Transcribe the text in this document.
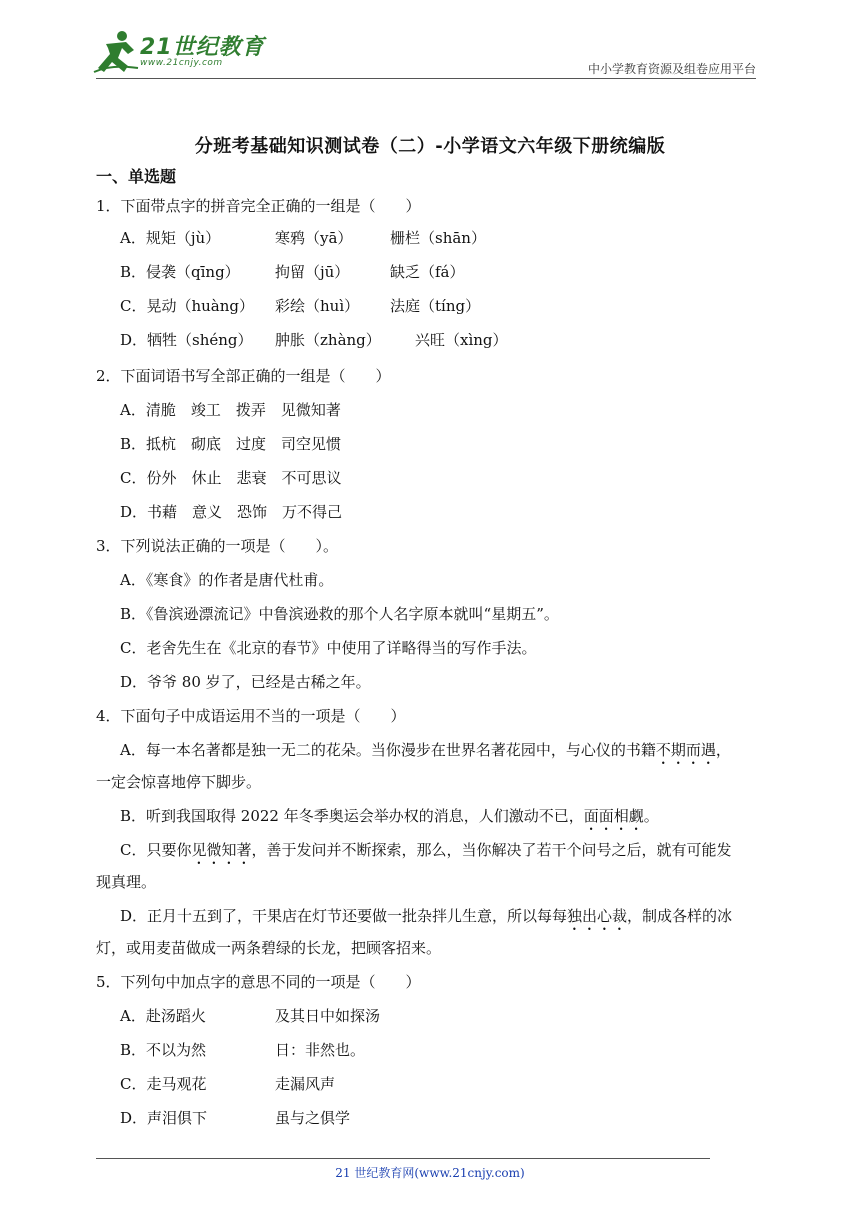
21世纪教育
www.21cnjy.com	中小学教育资源及组卷应用平台
分班考基础知识测试卷（二）-小学语文六年级下册统编版
一、单选题
1．下面带点字的拼音完全正确的一组是（　　）
A．规矩（jù）	寒鸦（yā）	栅栏（shān）
B．侵袭（qīng） 拘留（jū）	缺乏（fá）
C．晃动（huàng） 彩绘（huì） 法庭（tíng）
D．牺牲（shéng） 肿胀（zhàng） 兴旺（xìng）
2．下面词语书写全部正确的一组是（　　）
A．清脆　竣工　拨弄　见微知著
B．抵杭　砌底　过度　司空见惯
C．份外　休止　悲衰　不可思议
D．书藉　意义　恐饰　万不得己
3．下列说法正确的一项是（　　）。
A．《寒食》的作者是唐代杜甫。
B．《鲁滨逊漂流记》中鲁滨逊救的那个人名字原本就叫“星期五”。
C．老舍先生在《北京的春节》中使用了详略得当的写作手法。
D．爷爷 80 岁了，已经是古稀之年。
4．下面句子中成语运用不当的一项是（　　）
A．每一本名著都是独一无二的花朵。当你漫步在世界名著花园中，与心仪的书籍不期而遇，
一定会惊喜地停下脚步。
B．听到我国取得 2022 年冬季奥运会举办权的消息，人们激动不已，面面相觑。
C．只要你见微知著，善于发问并不断探索，那么，当你解决了若干个问号之后，就有可能发
现真理。
D．正月十五到了，干果店在灯节还要做一批杂拌儿生意，所以每每独出心裁，制成各样的冰
灯，或用麦苗做成一两条碧绿的长龙，把顾客招来。
5．下列句中加点字的意思不同的一项是（　　）
A．赴汤蹈火	及其日中如探汤
B．不以为然	日：非然也。
C．走马观花	走漏风声
D．声泪俱下	虽与之俱学
21 世纪教育网(www.21cnjy.com)
